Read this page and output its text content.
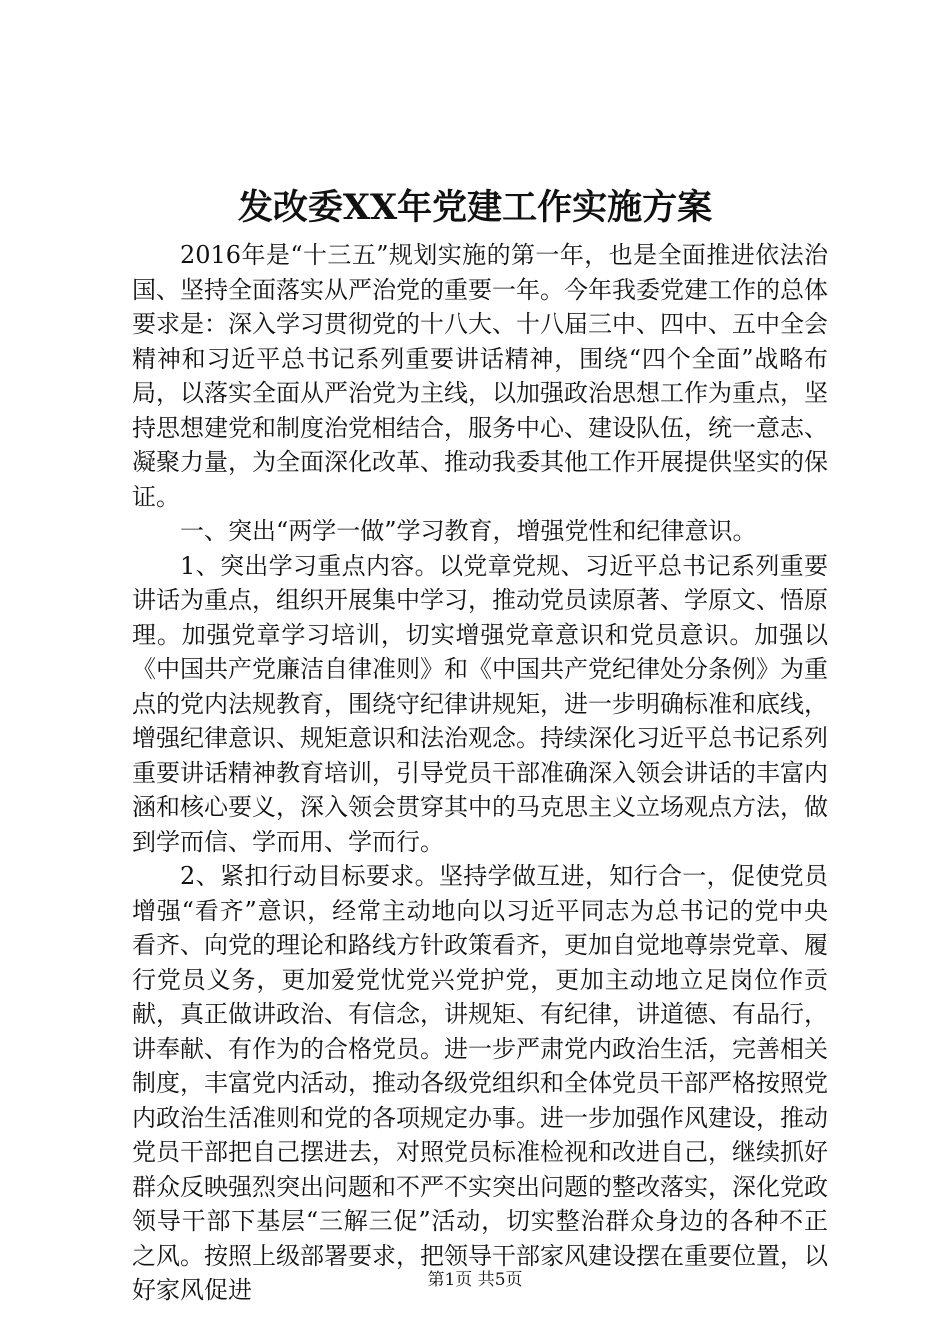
发改委XX年党建工作实施方案

2016年是“十三五”规划实施的第一年，也是全面推进依法治国、坚持全面落实从严治党的重要一年。今年我委党建工作的总体要求是：深入学习贯彻党的十八大、十八届三中、四中、五中全会精神和习近平总书记系列重要讲话精神，围绕“四个全面”战略布局，以落实全面从严治党为主线，以加强政治思想工作为重点，坚持思想建党和制度治党相结合，服务中心、建设队伍，统一意志、凝聚力量，为全面深化改革、推动我委其他工作开展提供坚实的保证。

一、突出“两学一做”学习教育，增强党性和纪律意识。

1、突出学习重点内容。以党章党规、习近平总书记系列重要讲话为重点，组织开展集中学习，推动党员读原著、学原文、悟原理。加强党章学习培训，切实增强党章意识和党员意识。加强以《中国共产党廉洁自律准则》和《中国共产党纪律处分条例》为重点的党内法规教育，围绕守纪律讲规矩，进一步明确标准和底线，增强纪律意识、规矩意识和法治观念。持续深化习近平总书记系列重要讲话精神教育培训，引导党员干部准确深入领会讲话的丰富内涵和核心要义，深入领会贯穿其中的马克思主义立场观点方法，做到学而信、学而用、学而行。

2、紧扣行动目标要求。坚持学做互进，知行合一，促使党员增强“看齐”意识，经常主动地向以习近平同志为总书记的党中央看齐、向党的理论和路线方针政策看齐，更加自觉地尊崇党章、履行党员义务，更加爱党忧党兴党护党，更加主动地立足岗位作贡献，真正做讲政治、有信念，讲规矩、有纪律，讲道德、有品行，讲奉献、有作为的合格党员。进一步严肃党内政治生活，完善相关制度，丰富党内活动，推动各级党组织和全体党员干部严格按照党内政治生活准则和党的各项规定办事。进一步加强作风建设，推动党员干部把自己摆进去，对照党员标准检视和改进自己，继续抓好群众反映强烈突出问题和不严不实突出问题的整改落实，深化党政领导干部下基层“三解三促”活动，切实整治群众身边的各种不正之风。按照上级部署要求，把领导干部家风建设摆在重要位置，以好家风促进	第1页 共5页
